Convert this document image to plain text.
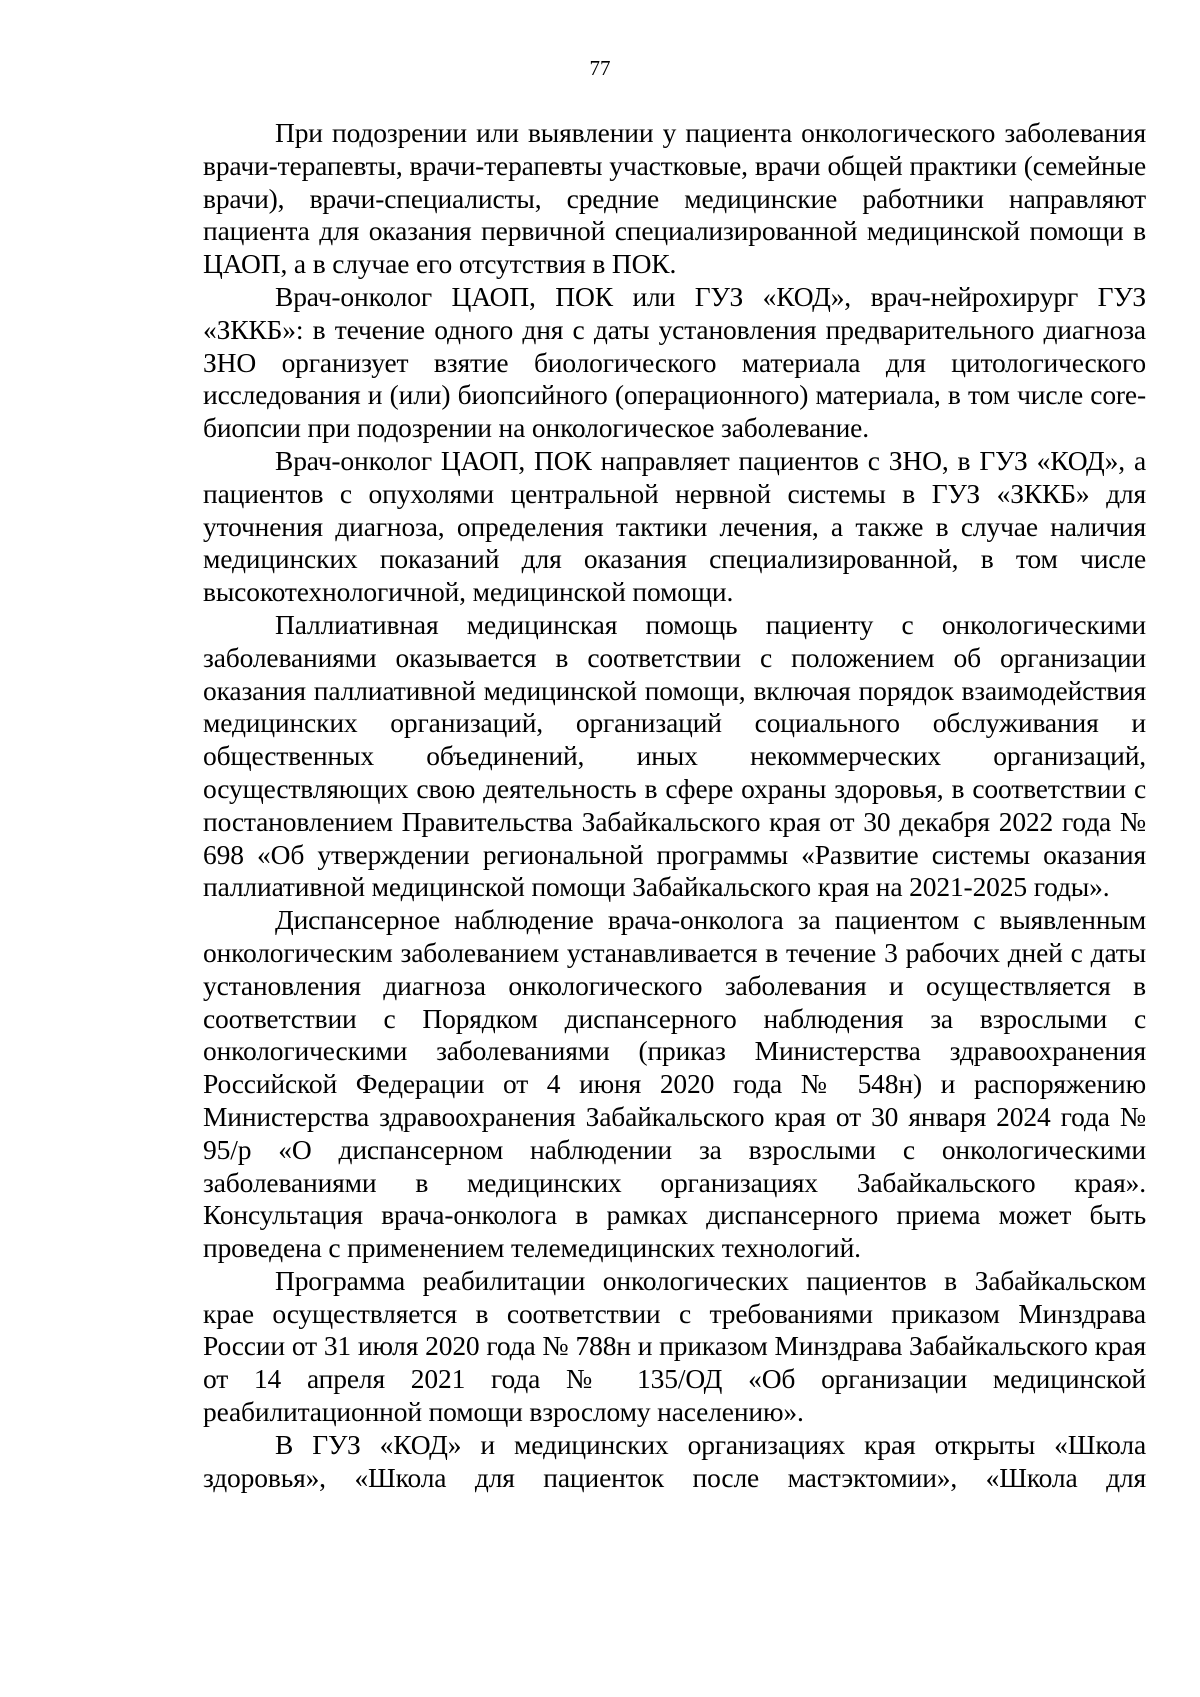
77

При подозрении или выявлении у пациента онкологического заболевания врачи-терапевты, врачи-терапевты участковые, врачи общей практики (семейные врачи), врачи-специалисты, средние медицинские работники направляют пациента для оказания первичной специализированной медицинской помощи в ЦАОП, а в случае его отсутствия в ПОК.

Врач-онколог ЦАОП, ПОК или ГУЗ «КОД», врач-нейрохирург ГУЗ «ЗККБ»: в течение одного дня с даты установления предварительного диагноза ЗНО организует взятие биологического материала для цитологического исследования и (или) биопсийного (операционного) материала, в том числе core-биопсии при подозрении на онкологическое заболевание.

Врач-онколог ЦАОП, ПОК направляет пациентов с ЗНО, в ГУЗ «КОД», а пациентов с опухолями центральной нервной системы в ГУЗ «ЗККБ» для уточнения диагноза, определения тактики лечения, а также в случае наличия медицинских показаний для оказания специализированной, в том числе высокотехнологичной, медицинской помощи.

Паллиативная медицинская помощь пациенту с онкологическими заболеваниями оказывается в соответствии с положением об организации оказания паллиативной медицинской помощи, включая порядок взаимодействия медицинских организаций, организаций социального обслуживания и общественных объединений, иных некоммерческих организаций, осуществляющих свою деятельность в сфере охраны здоровья, в соответствии с постановлением Правительства Забайкальского края от 30 декабря 2022 года № 698 «Об утверждении региональной программы «Развитие системы оказания паллиативной медицинской помощи Забайкальского края на 2021-2025 годы».

Диспансерное наблюдение врача-онколога за пациентом с выявленным онкологическим заболеванием устанавливается в течение 3 рабочих дней с даты установления диагноза онкологического заболевания и осуществляется в соответствии с Порядком диспансерного наблюдения за взрослыми с онкологическими заболеваниями (приказ Министерства здравоохранения Российской Федерации от 4 июня 2020 года № 548н) и распоряжению Министерства здравоохранения Забайкальского края от 30 января 2024 года № 95/р «О диспансерном наблюдении за взрослыми с онкологическими заболеваниями в медицинских организациях Забайкальского края». Консультация врача-онколога в рамках диспансерного приема может быть проведена с применением телемедицинских технологий.

Программа реабилитации онкологических пациентов в Забайкальском крае осуществляется в соответствии с требованиями приказом Минздрава России от 31 июля 2020 года № 788н и приказом Минздрава Забайкальского края от 14 апреля 2021 года № 135/ОД «Об организации медицинской реабилитационной помощи взрослому населению».

В ГУЗ «КОД» и медицинских организациях края открыты «Школа здоровья», «Школа для пациенток после мастэктомии», «Школа для
